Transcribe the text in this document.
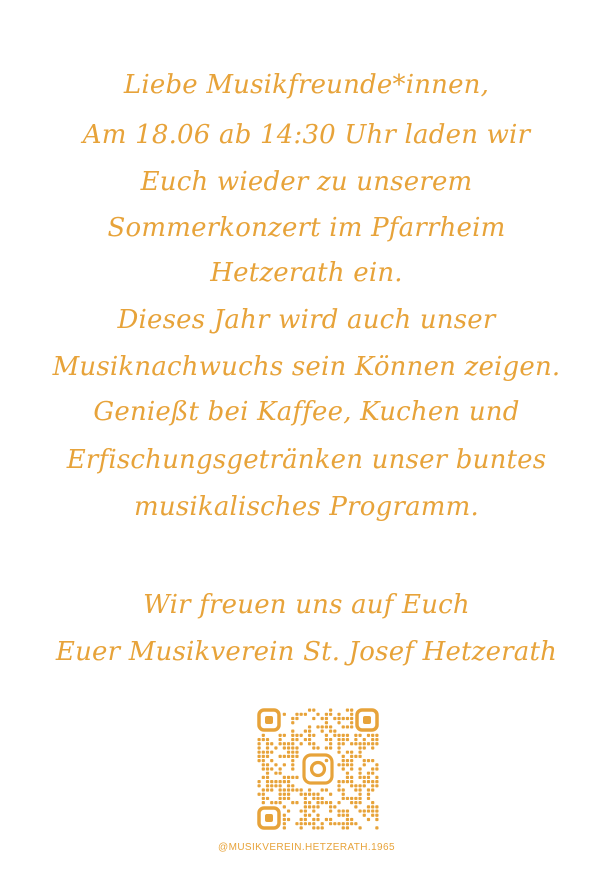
Liebe Musikfreunde*innen,
Am 18.06 ab 14:30 Uhr laden wir
Euch wieder zu unserem
Sommerkonzert im Pfarrheim
Hetzerath ein.
Dieses Jahr wird auch unser
Musiknachwuchs sein Können zeigen.
Genießt bei Kaffee, Kuchen und
Erfischungsgetränken unser buntes
musikalisches Programm.
Wir freuen uns auf Euch
Euer Musikverein St. Josef Hetzerath
@MUSIKVEREIN.HETZERATH.1965
